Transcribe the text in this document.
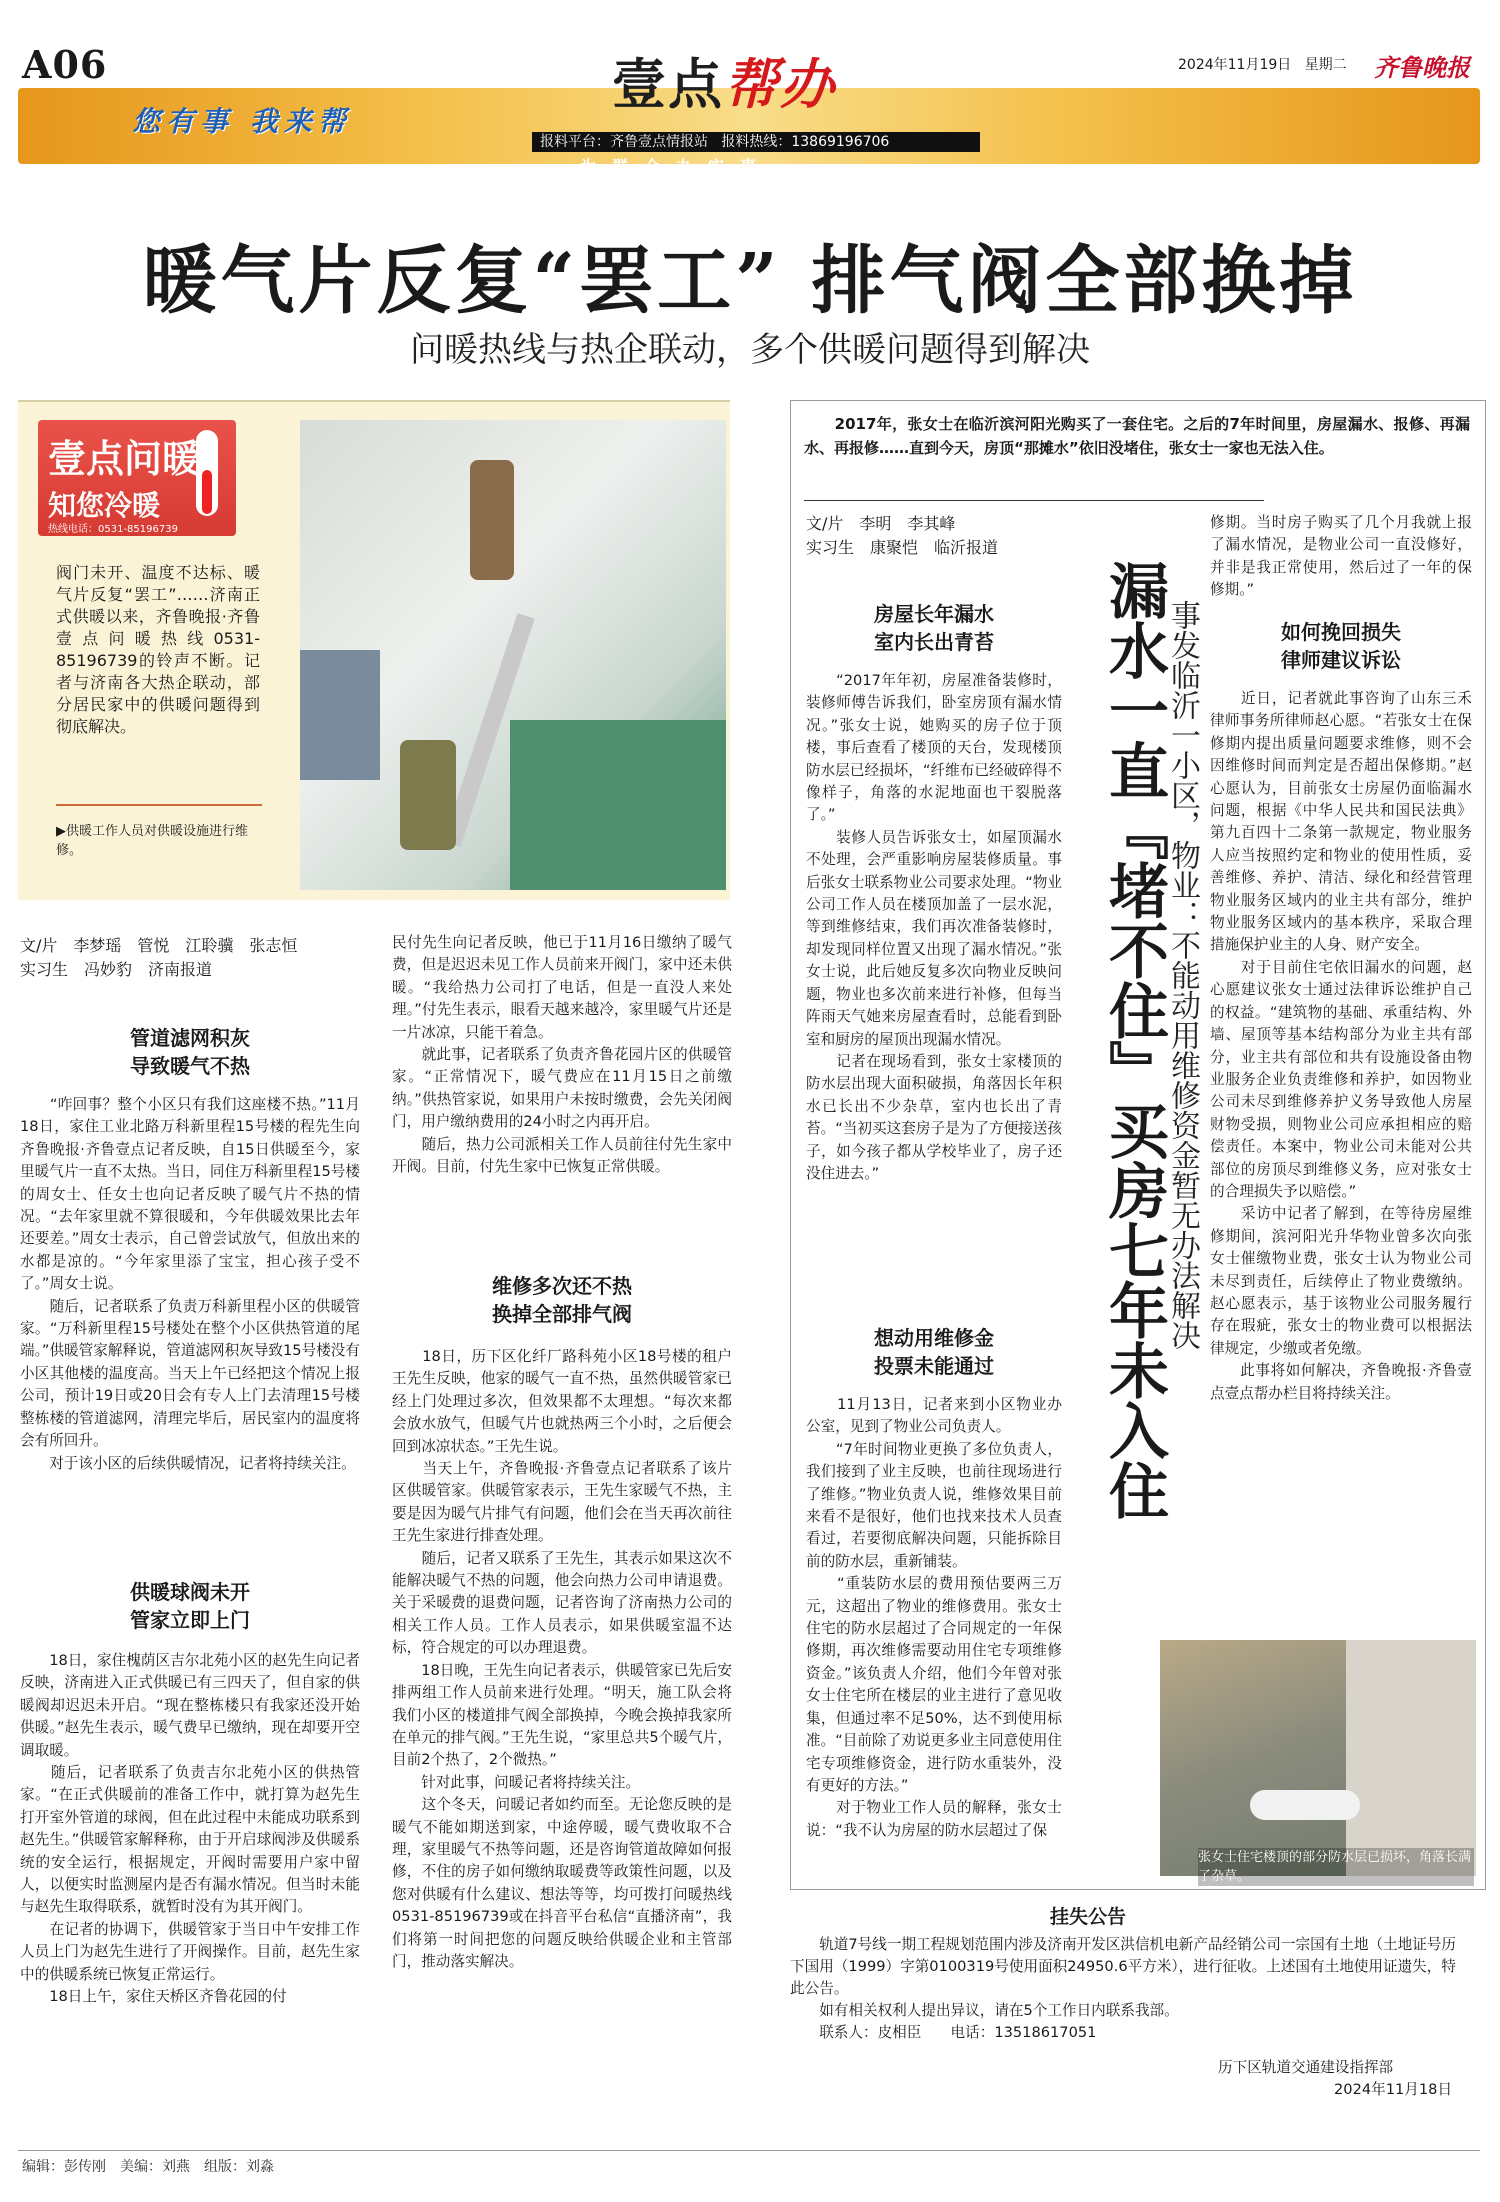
A06	壹点帮办	2024年11月19日 星期二 齐鲁晚报
您有事 我来帮
报料平台：齐鲁壹点情报站 报料热线：13869196706
为群众办实事
暖气片反复“罢工” 排气阀全部换掉
问暖热线与热企联动，多个供暖问题得到解决
壹点问暖
知您冷暖
热线电话：0531-85196739
阀门未开、温度不达标、暖气片反复“罢工”……济南正式供暖以来，齐鲁晚报·齐鲁壹点问暖热线0531-85196739的铃声不断。记者与济南各大热企联动，部分居民家中的供暖问题得到彻底解决。
▶供暖工作人员对供暖设施进行维修。
文/片　李梦瑶　管悦　江聆骥　张志恒
实习生　冯妙豹　济南报道
管道滤网积灰
导致暖气不热
　　“咋回事？整个小区只有我们这座楼不热。”11月18日，家住工业北路万科新里程15号楼的程先生向齐鲁晚报·齐鲁壹点记者反映，自15日供暖至今，家里暖气片一直不太热。当日，同住万科新里程15号楼的周女士、任女士也向记者反映了暖气片不热的情况。“去年家里就不算很暖和，今年供暖效果比去年还要差。”周女士表示，自己曾尝试放气，但放出来的水都是凉的。“今年家里添了宝宝，担心孩子受不了。”周女士说。
　　随后，记者联系了负责万科新里程小区的供暖管家。“万科新里程15号楼处在整个小区供热管道的尾端。”供暖管家解释说，管道滤网积灰导致15号楼没有小区其他楼的温度高。当天上午已经把这个情况上报公司，预计19日或20日会有专人上门去清理15号楼整栋楼的管道滤网，清理完毕后，居民室内的温度将会有所回升。
　　对于该小区的后续供暖情况，记者将持续关注。
供暖球阀未开
管家立即上门
　　18日，家住槐荫区吉尔北苑小区的赵先生向记者反映，济南进入正式供暖已有三四天了，但自家的供暖阀却迟迟未开启。“现在整栋楼只有我家还没开始供暖。”赵先生表示，暖气费早已缴纳，现在却要开空调取暖。
　　随后，记者联系了负责吉尔北苑小区的供热管家。“在正式供暖前的准备工作中，就打算为赵先生打开室外管道的球阀，但在此过程中未能成功联系到赵先生。”供暖管家解释称，由于开启球阀涉及供暖系统的安全运行，根据规定，开阀时需要用户家中留人，以便实时监测屋内是否有漏水情况。但当时未能与赵先生取得联系，就暂时没有为其开阀门。
　　在记者的协调下，供暖管家于当日中午安排工作人员上门为赵先生进行了开阀操作。目前，赵先生家中的供暖系统已恢复正常运行。
　　18日上午，家住天桥区齐鲁花园的付
民付先生向记者反映，他已于11月16日缴纳了暖气费，但是迟迟未见工作人员前来开阀门，家中还未供暖。“我给热力公司打了电话，但是一直没人来处理。”付先生表示，眼看天越来越冷，家里暖气片还是一片冰凉，只能干着急。
　　就此事，记者联系了负责齐鲁花园片区的供暖管家。“正常情况下，暖气费应在11月15日之前缴纳。”供热管家说，如果用户未按时缴费，会先关闭阀门，用户缴纳费用的24小时之内再开启。
　　随后，热力公司派相关工作人员前往付先生家中开阀。目前，付先生家中已恢复正常供暖。
维修多次还不热
换掉全部排气阀
　　18日，历下区化纤厂路科苑小区18号楼的租户王先生反映，他家的暖气一直不热，虽然供暖管家已经上门处理过多次，但效果都不太理想。“每次来都会放水放气，但暖气片也就热两三个小时，之后便会回到冰凉状态。”王先生说。
　　当天上午，齐鲁晚报·齐鲁壹点记者联系了该片区供暖管家。供暖管家表示，王先生家暖气不热，主要是因为暖气片排气有问题，他们会在当天再次前往王先生家进行排查处理。
　　随后，记者又联系了王先生，其表示如果这次不能解决暖气不热的问题，他会向热力公司申请退费。关于采暖费的退费问题，记者咨询了济南热力公司的相关工作人员。工作人员表示，如果供暖室温不达标，符合规定的可以办理退费。
　　18日晚，王先生向记者表示，供暖管家已先后安排两组工作人员前来进行处理。“明天，施工队会将我们小区的楼道排气阀全部换掉，今晚会换掉我家所在单元的排气阀。”王先生说，“家里总共5个暖气片，目前2个热了，2个微热。”
　　针对此事，问暖记者将持续关注。
　　这个冬天，问暖记者如约而至。无论您反映的是暖气不能如期送到家，中途停暖，暖气费收取不合理，家里暖气不热等问题，还是咨询管道故障如何报修，不住的房子如何缴纳取暖费等政策性问题，以及您对供暖有什么建议、想法等等，均可拨打问暖热线0531-85196739或在抖音平台私信“直播济南”，我们将第一时间把您的问题反映给供暖企业和主管部门，推动落实解决。
　　2017年，张女士在临沂滨河阳光购买了一套住宅。之后的7年时间里，房屋漏水、报修、再漏水、再报修……直到今天，房顶“那摊水”依旧没堵住，张女士一家也无法入住。
文/片　李明　李其峰
实习生　康聚恺　临沂报道
漏水一直『堵不住』买房七年未入住
事发临沂一小区，物业：不能动用维修资金暂无办法解决
房屋长年漏水
室内长出青苔
　　“2017年年初，房屋准备装修时，装修师傅告诉我们，卧室房顶有漏水情况。”张女士说，她购买的房子位于顶楼，事后查看了楼顶的天台，发现楼顶防水层已经损坏，“纤维布已经破碎得不像样子，角落的水泥地面也干裂脱落了。”
　　装修人员告诉张女士，如屋顶漏水不处理，会严重影响房屋装修质量。事后张女士联系物业公司要求处理。“物业公司工作人员在楼顶加盖了一层水泥，等到维修结束，我们再次准备装修时，却发现同样位置又出现了漏水情况。”张女士说，此后她反复多次向物业反映问题，物业也多次前来进行补修，但每当阵雨天气她来房屋查看时，总能看到卧室和厨房的屋顶出现漏水情况。
　　记者在现场看到，张女士家楼顶的防水层出现大面积破损，角落因长年积水已长出不少杂草，室内也长出了青苔。“当初买这套房子是为了方便接送孩子，如今孩子都从学校毕业了，房子还没住进去。”
想动用维修金
投票未能通过
　　11月13日，记者来到小区物业办公室，见到了物业公司负责人。
　　“7年时间物业更换了多位负责人，我们接到了业主反映，也前往现场进行了维修。”物业负责人说，维修效果目前来看不是很好，他们也找来技术人员查看过，若要彻底解决问题，只能拆除目前的防水层，重新铺装。
　　“重装防水层的费用预估要两三万元，这超出了物业的维修费用。张女士住宅的防水层超过了合同规定的一年保修期，再次维修需要动用住宅专项维修资金。”该负责人介绍，他们今年曾对张女士住宅所在楼层的业主进行了意见收集，但通过率不足50%，达不到使用标准。“目前除了劝说更多业主同意使用住宅专项维修资金，进行防水重装外，没有更好的方法。”
　　对于物业工作人员的解释，张女士说：“我不认为房屋的防水层超过了保
修期。当时房子购买了几个月我就上报了漏水情况，是物业公司一直没修好，并非是我正常使用，然后过了一年的保修期。”
如何挽回损失
律师建议诉讼
　　近日，记者就此事咨询了山东三禾律师事务所律师赵心愿。“若张女士在保修期内提出质量问题要求维修，则不会因维修时间而判定是否超出保修期。”赵心愿认为，目前张女士房屋仍面临漏水问题，根据《中华人民共和国民法典》第九百四十二条第一款规定，物业服务人应当按照约定和物业的使用性质，妥善维修、养护、清洁、绿化和经营管理物业服务区域内的业主共有部分，维护物业服务区域内的基本秩序，采取合理措施保护业主的人身、财产安全。
　　对于目前住宅依旧漏水的问题，赵心愿建议张女士通过法律诉讼维护自己的权益。“建筑物的基础、承重结构、外墙、屋顶等基本结构部分为业主共有部分，业主共有部位和共有设施设备由物业服务企业负责维修和养护，如因物业公司未尽到维修养护义务导致他人房屋财物受损，则物业公司应承担相应的赔偿责任。本案中，物业公司未能对公共部位的房顶尽到维修义务，应对张女士的合理损失予以赔偿。”
　　采访中记者了解到，在等待房屋维修期间，滨河阳光升华物业曾多次向张女士催缴物业费，张女士认为物业公司未尽到责任，后续停止了物业费缴纳。赵心愿表示，基于该物业公司服务履行存在瑕疵，张女士的物业费可以根据法律规定，少缴或者免缴。
　　此事将如何解决，齐鲁晚报·齐鲁壹点壹点帮办栏目将持续关注。
张女士住宅楼顶的部分防水层已损坏，角落长满了杂草。
挂失公告
　　轨道7号线一期工程规划范围内涉及济南开发区洪信机电新产品经销公司一宗国有土地（土地证号历下国用（1999）字第0100319号使用面积24950.6平方米），进行征收。上述国有土地使用证遗失，特此公告。
　　如有相关权利人提出异议，请在5个工作日内联系我部。
　　联系人：皮相臣　　电话：13518617051
历下区轨道交通建设指挥部
2024年11月18日
编辑：彭传刚　美编：刘燕　组版：刘淼
